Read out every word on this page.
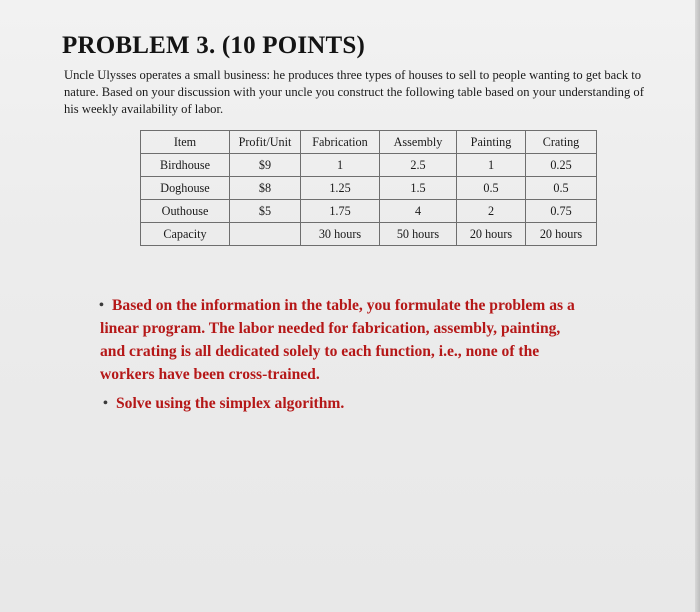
PROBLEM 3. (10 POINTS)
Uncle Ulysses operates a small business: he produces three types of houses to sell to people wanting to get back to
nature. Based on your discussion with your uncle you construct the following table based on your understanding of
his weekly availability of labor.
Item	Profit/Unit	Fabrication	Assembly	Painting	Crating
Birdhouse	$9	1	2.5	1	0.25
Doghouse	$8	1.25	1.5	0.5	0.5
Outhouse	$5	1.75	4	2	0.75
Capacity		30 hours	50 hours	20 hours	20 hours
• Based on the information in the table, you formulate the problem as a
linear program. The labor needed for fabrication, assembly, painting,
and crating is all dedicated solely to each function, i.e., none of the
workers have been cross-trained.
• Solve using the simplex algorithm.
